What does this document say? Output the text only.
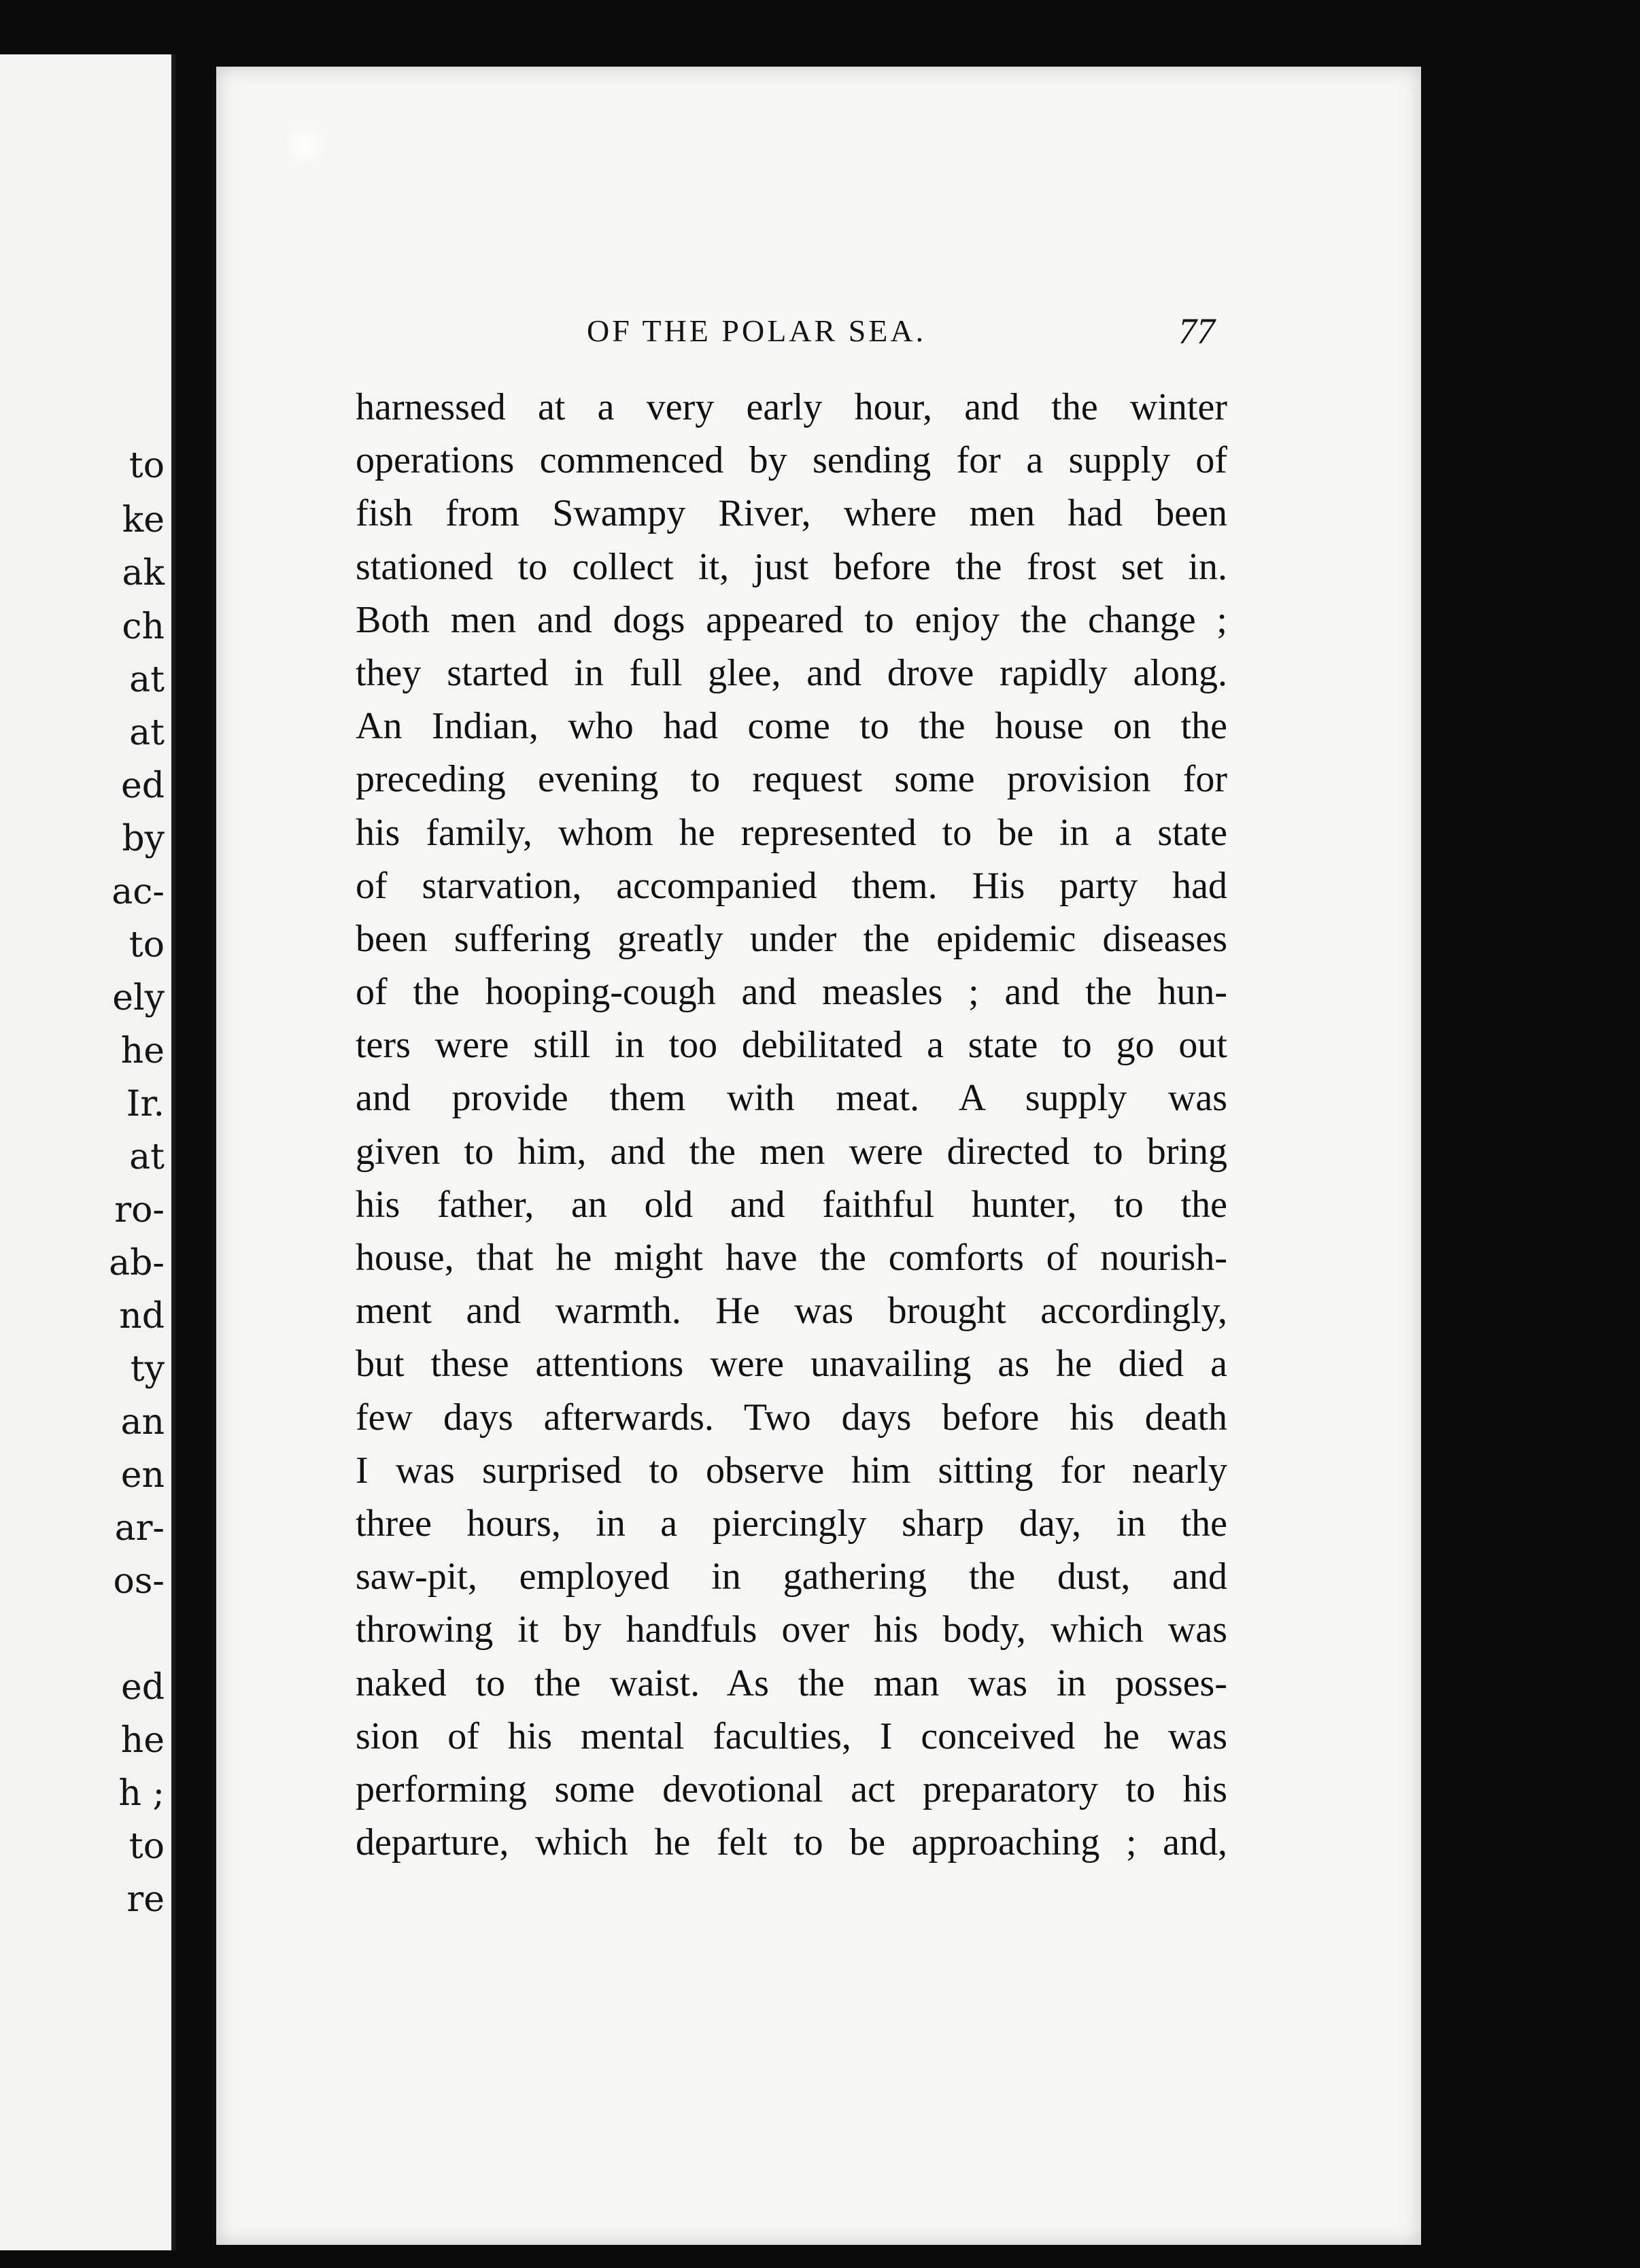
to
ke
ak
ch
at
at
ed
by
ac-
to
ely
he
Ir.
at
ro-
ab-
nd
ty
an
en
ar-
os-
ed
he
h ;
to
re
OF THE POLAR SEA.	77
harnessed at a very early hour, and the winter
operations commenced by sending for a supply of
fish from Swampy River, where men had been
stationed to collect it, just before the frost set in.
Both men and dogs appeared to enjoy the change ;
they started in full glee, and drove rapidly along.
An Indian, who had come to the house on the
preceding evening to request some provision for
his family, whom he represented to be in a state
of starvation, accompanied them. His party had
been suffering greatly under the epidemic diseases
of the hooping-cough and measles ; and the hun-
ters were still in too debilitated a state to go out
and provide them with meat. A supply was
given to him, and the men were directed to bring
his father, an old and faithful hunter, to the
house, that he might have the comforts of nourish-
ment and warmth. He was brought accordingly,
but these attentions were unavailing as he died a
few days afterwards. Two days before his death
I was surprised to observe him sitting for nearly
three hours, in a piercingly sharp day, in the
saw-pit, employed in gathering the dust, and
throwing it by handfuls over his body, which was
naked to the waist. As the man was in posses-
sion of his mental faculties, I conceived he was
performing some devotional act preparatory to his
departure, which he felt to be approaching ; and,
